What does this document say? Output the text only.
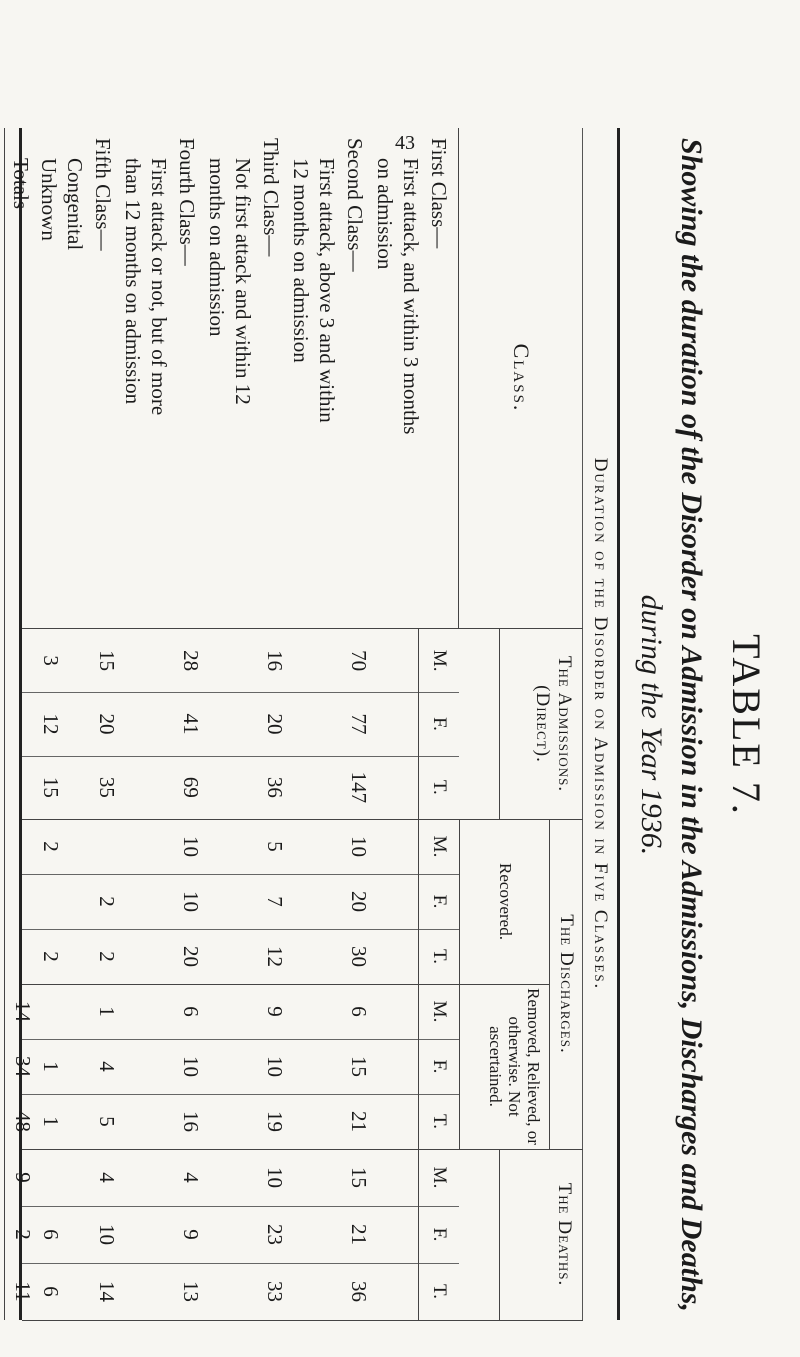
43
TABLE 7.
Showing the duration of the Disorder on Admission in the Admissions, Discharges and Deaths,
during the Year 1936.
Duration of the Disorder on Admission in Five Classes.
Class.
First Class—
First attack, and within 3 months
on admission
Second Class—
First attack, above 3 and within
12 months on admission
Third Class—
Not first attack and within 12
months on admission
Fourth Class—
First attack or not, but of more
than 12 months on admission
Fifth Class—
Congenital
Unknown
Totals
The Admissions. (Direct).
M.
70
16
28
15
3
F.
77
20
41
20
12
T.
147
36
69
35
15
The Discharges.
Recovered.
M.
10
5
10
2
F.
20
7
10
2
T.
30
12
20
2
2
Removed, Relieved, or otherwise. Not ascertained.
M.
6
9
6
1
14
F.
15
10
10
4
1
34
T.
21
19
16
5
1
48
The Deaths.
M.
15
10
4
4
9
F.
21
23
9
10
6
2
T.
36
33
13
14
6
11
